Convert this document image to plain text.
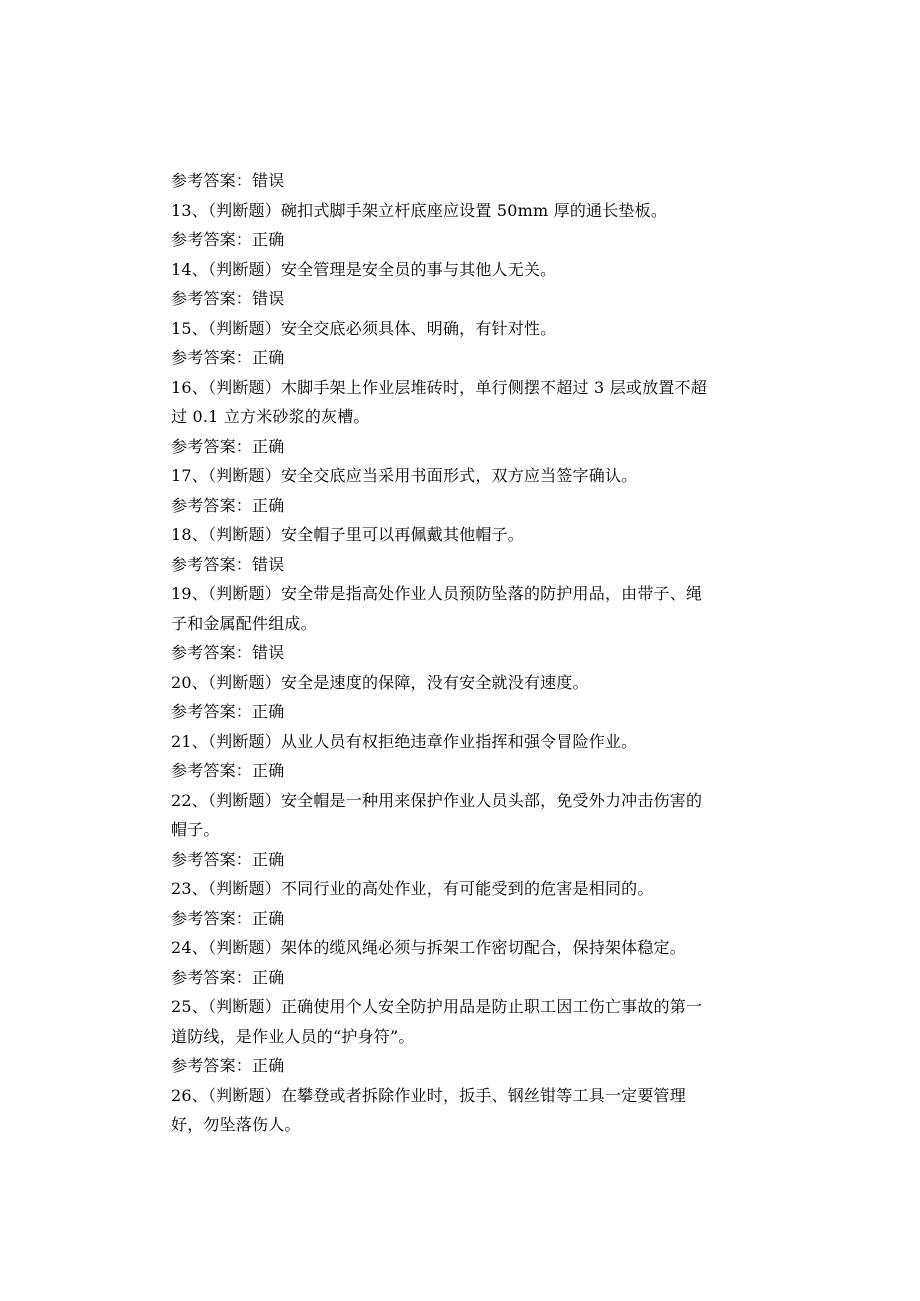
参考答案：错误
13、（判断题）碗扣式脚手架立杆底座应设置 50mm 厚的通长垫板。
参考答案：正确
14、（判断题）安全管理是安全员的事与其他人无关。
参考答案：错误
15、（判断题）安全交底必须具体、明确，有针对性。
参考答案：正确
16、（判断题）木脚手架上作业层堆砖时，单行侧摆不超过 3 层或放置不超
过 0.1 立方米砂浆的灰槽。
参考答案：正确
17、（判断题）安全交底应当采用书面形式，双方应当签字确认。
参考答案：正确
18、（判断题）安全帽子里可以再佩戴其他帽子。
参考答案：错误
19、（判断题）安全带是指高处作业人员预防坠落的防护用品，由带子、绳
子和金属配件组成。
参考答案：错误
20、（判断题）安全是速度的保障，没有安全就没有速度。
参考答案：正确
21、（判断题）从业人员有权拒绝违章作业指挥和强令冒险作业。
参考答案：正确
22、（判断题）安全帽是一种用来保护作业人员头部，免受外力冲击伤害的
帽子。
参考答案：正确
23、（判断题）不同行业的高处作业，有可能受到的危害是相同的。
参考答案：正确
24、（判断题）架体的缆风绳必须与拆架工作密切配合，保持架体稳定。
参考答案：正确
25、（判断题）正确使用个人安全防护用品是防止职工因工伤亡事故的第一
道防线，是作业人员的“护身符”。
参考答案：正确
26、（判断题）在攀登或者拆除作业时，扳手、钢丝钳等工具一定要管理
好，勿坠落伤人。
